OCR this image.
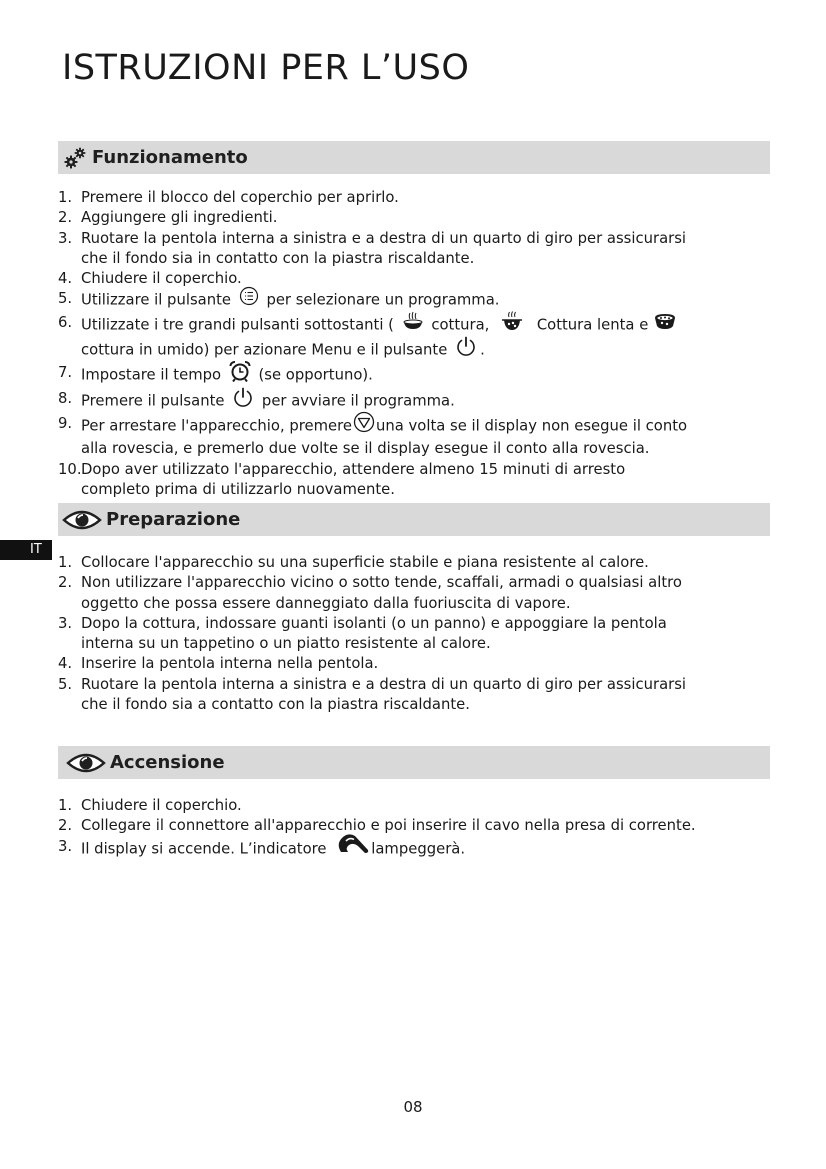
ISTRUZIONI PER L’USO
IT
Funzionamento
1. Premere il blocco del coperchio per aprirlo.
2. Aggiungere gli ingredienti.
3. Ruotare la pentola interna a sinistra e a destra di un quarto di giro per assicurarsi
che il fondo sia in contatto con la piastra riscaldante.
4. Chiudere il coperchio.
5. Utilizzare il pulsante per selezionare un programma.
6. Utilizzate i tre grandi pulsanti sottostanti (	cottura,	Cottura lenta e
cottura in umido) per azionare Menu e il pulsante .
7. Impostare il tempo	(se opportuno).
8. Premere il pulsante	per avviare il programma.
9. Per arrestare l'apparecchio, premere una volta se il display non esegue il conto
alla rovescia, e premerlo due volte se il display esegue il conto alla rovescia.
10. Dopo aver utilizzato l'apparecchio, attendere almeno 15 minuti di arresto
completo prima di utilizzarlo nuovamente.
Preparazione
1. Collocare l'apparecchio su una superficie stabile e piana resistente al calore.
2. Non utilizzare l'apparecchio vicino o sotto tende, scaffali, armadi o qualsiasi altro
oggetto che possa essere danneggiato dalla fuoriuscita di vapore.
3. Dopo la cottura, indossare guanti isolanti (o un panno) e appoggiare la pentola
interna su un tappetino o un piatto resistente al calore.
4. Inserire la pentola interna nella pentola.
5. Ruotare la pentola interna a sinistra e a destra di un quarto di giro per assicurarsi
che il fondo sia a contatto con la piastra riscaldante.
Accensione
1. Chiudere il coperchio.
2. Collegare il connettore all'apparecchio e poi inserire il cavo nella presa di corrente.
3. Il display si accende. L’indicatore	lampeggerà.
08
